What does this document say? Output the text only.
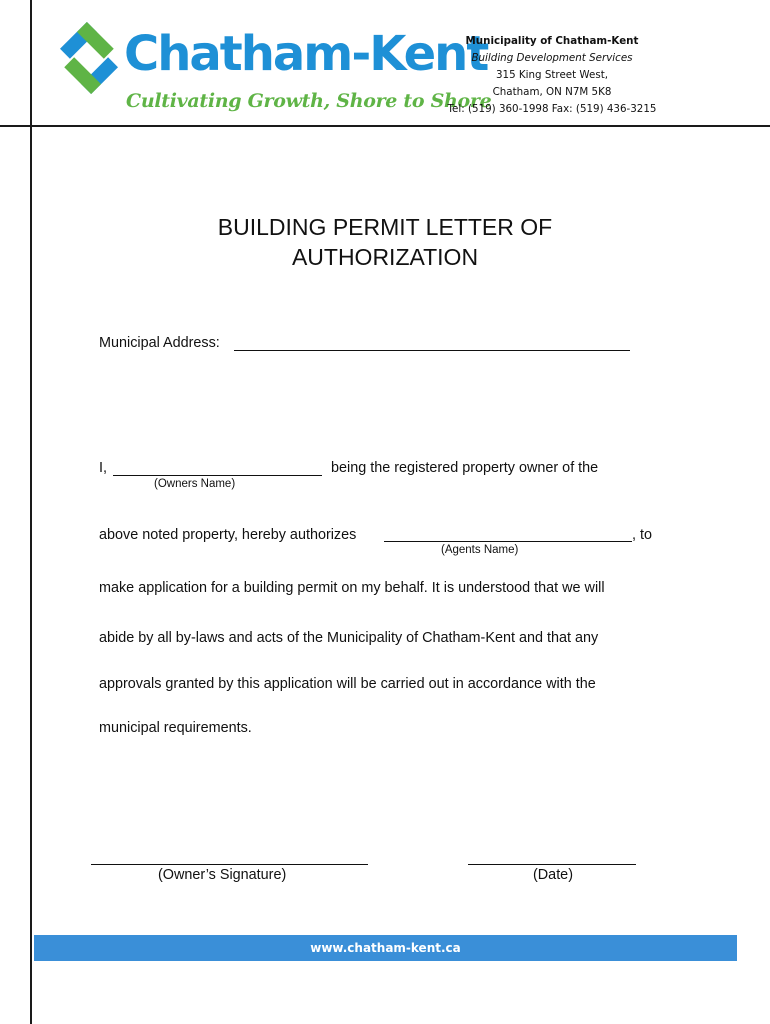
Chatham-Kent
Cultivating Growth, Shore to Shore
Municipality of Chatham-Kent
Building Development Services
315 King Street West,
Chatham, ON N7M 5K8
Tel: (519) 360-1998 Fax: (519) 436-3215
BUILDING PERMIT LETTER OF
AUTHORIZATION
Municipal Address:
I,	being the registered property owner of the
(Owners Name)
above noted property, hereby authorizes	, to
(Agents Name)
make application for a building permit on my behalf. It is understood that we will
abide by all by-laws and acts of the Municipality of Chatham-Kent and that any
approvals granted by this application will be carried out in accordance with the
municipal requirements.
(Owner’s Signature)	(Date)
www.chatham-kent.ca
